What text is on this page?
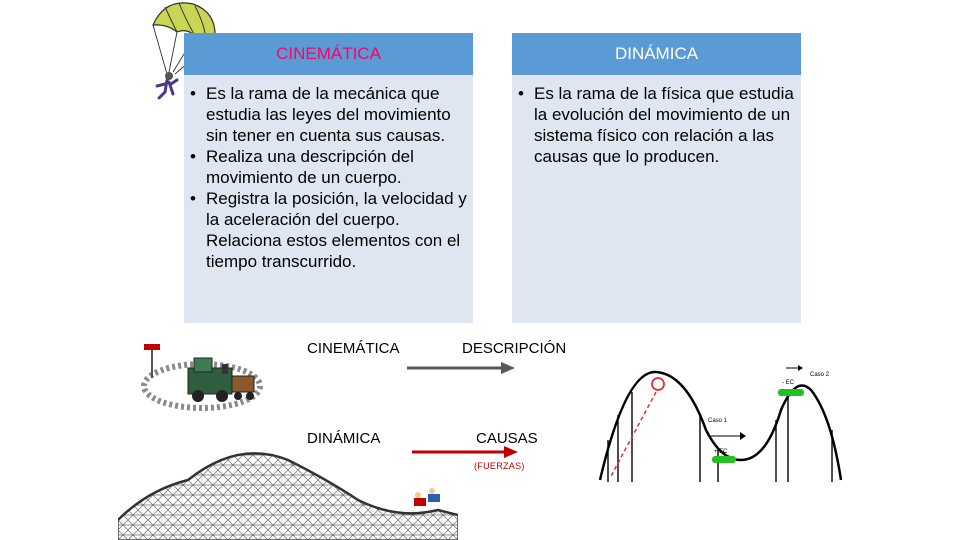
CINEMÁTICA
• Es la rama de la mecánica que estudia las leyes del movimiento sin tener en cuenta sus causas.
• Realiza una descripción del movimiento de un cuerpo.
• Registra la posición, la velocidad y la aceleración del cuerpo. Relaciona estos elementos con el tiempo transcurrido.
DINÁMICA
• Es la rama de la física que estudia la evolución del movimiento de un sistema físico con relación a las causas que lo producen.
CINEMÁTICA	DESCRIPCIÓN
DINÁMICA	CAUSAS
(FUERZAS)
Caso 1
+ EC
Caso 2
- EC
